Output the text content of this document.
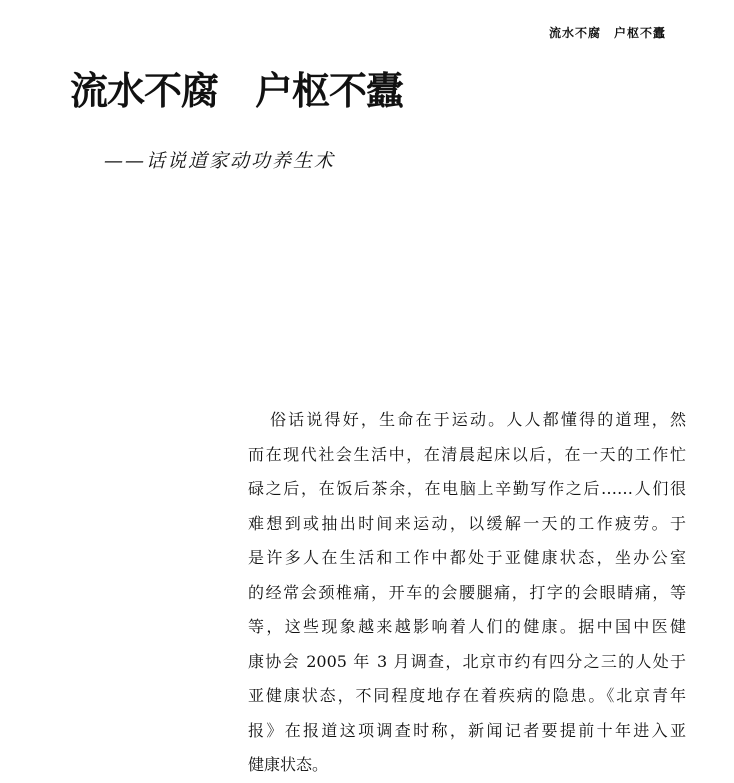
流水不腐　户枢不蠹
流水不腐　户枢不蠹
——话说道家动功养生术
俗话说得好，生命在于运动。人人都懂得的道理，然
而在现代社会生活中，在清晨起床以后，在一天的工作忙
碌之后，在饭后茶余，在电脑上辛勤写作之后……人们很
难想到或抽出时间来运动，以缓解一天的工作疲劳。于
是许多人在生活和工作中都处于亚健康状态，坐办公室
的经常会颈椎痛，开车的会腰腿痛，打字的会眼睛痛，等
等，这些现象越来越影响着人们的健康。据中国中医健
康协会 2005 年 3 月调查，北京市约有四分之三的人处于
亚健康状态，不同程度地存在着疾病的隐患。《北京青年
报》在报道这项调查时称，新闻记者要提前十年进入亚
健康状态。
